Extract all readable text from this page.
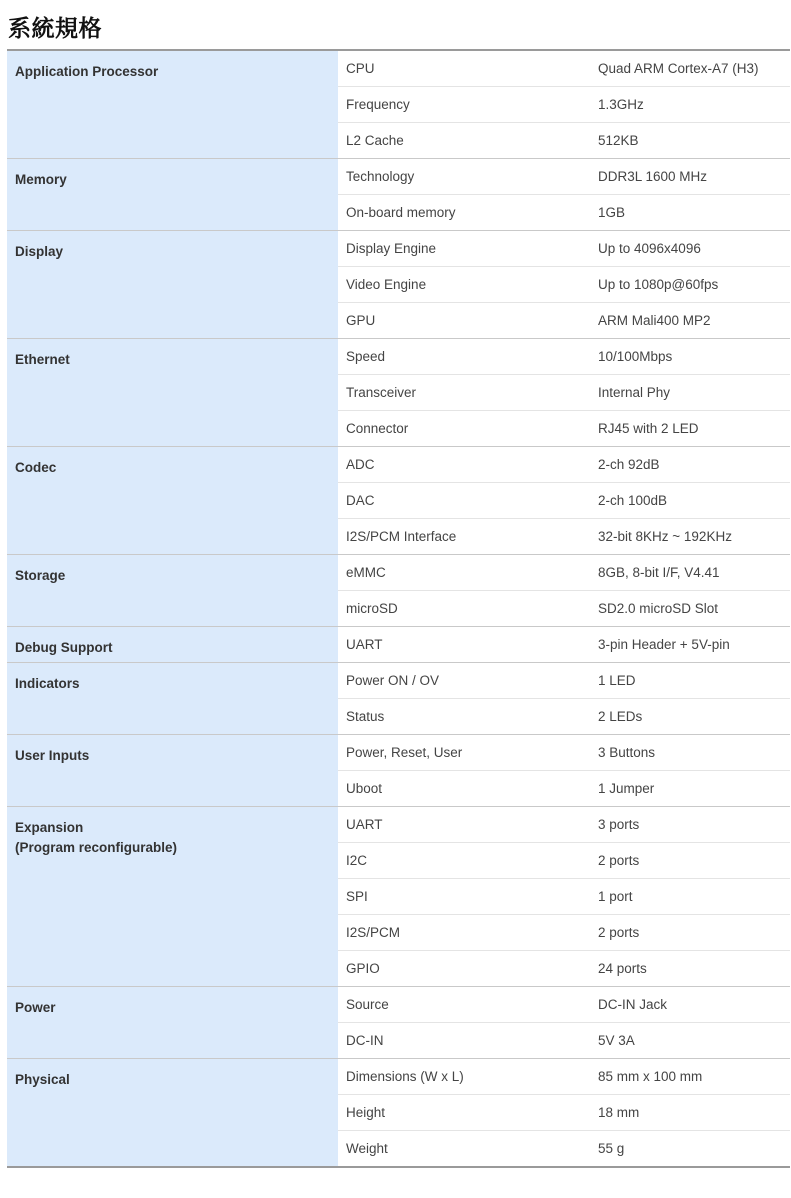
系統規格
Application Processor	CPU	Quad ARM Cortex-A7 (H3)
	Frequency	1.3GHz
	L2 Cache	512KB

Memory	Technology	DDR3L 1600 MHz
	On-board memory	1GB

Display	Display Engine	Up to 4096x4096
	Video Engine	Up to 1080p@60fps
	GPU	ARM Mali400 MP2

Ethernet	Speed	10/100Mbps
	Transceiver	Internal Phy
	Connector	RJ45 with 2 LED

Codec	ADC	2-ch 92dB
	DAC	2-ch 100dB
	I2S/PCM Interface	32-bit 8KHz ~ 192KHz

Storage	eMMC	8GB, 8-bit I/F, V4.41
	microSD	SD2.0 microSD Slot

Debug Support	UART	3-pin Header + 5V-pin

Indicators	Power ON / OV	1 LED
	Status	2 LEDs

User Inputs	Power, Reset, User	3 Buttons
	Uboot	1 Jumper

Expansion
(Program reconfigurable)	UART	3 ports
	I2C	2 ports
	SPI	1 port
	I2S/PCM	2 ports
	GPIO	24 ports

Power	Source	DC-IN Jack
	DC-IN	5V 3A

Physical	Dimensions (W x L)	85 mm x 100 mm
	Height	18 mm
	Weight	55 g
